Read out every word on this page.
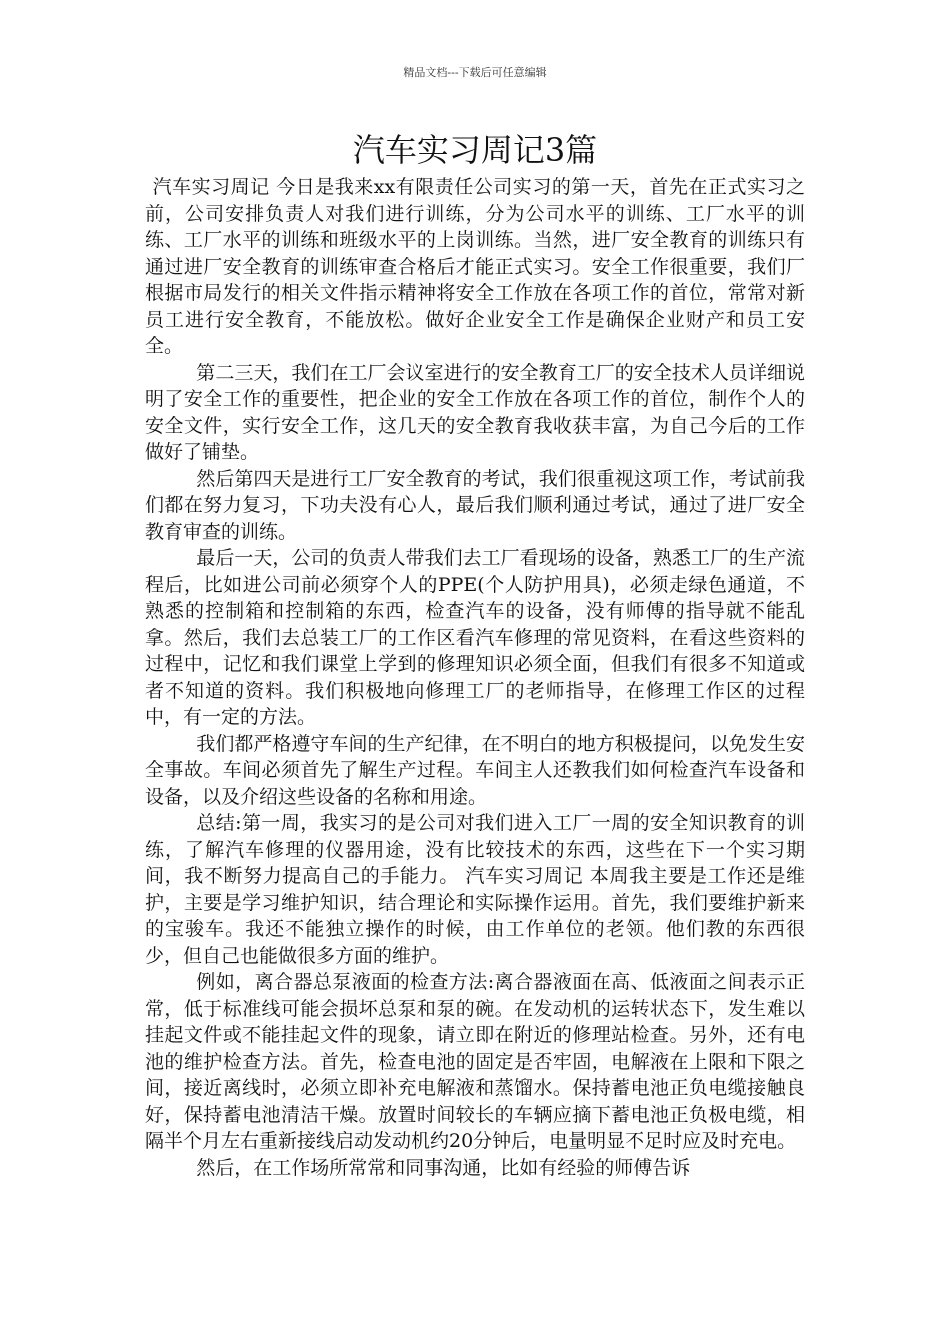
精品文档---下载后可任意编辑
汽车实习周记3篇

汽车实习周记 今日是我来xx有限责任公司实习的第一天，首先在正式实习之前，公司安排负责人对我们进行训练，分为公司水平的训练、工厂水平的训练、工厂水平的训练和班级水平的上岗训练。当然，进厂安全教育的训练只有通过进厂安全教育的训练审查合格后才能正式实习。安全工作很重要，我们厂根据市局发行的相关文件指示精神将安全工作放在各项工作的首位，常常对新员工进行安全教育，不能放松。做好企业安全工作是确保企业财产和员工安全。

第二三天，我们在工厂会议室进行的安全教育工厂的安全技术人员详细说明了安全工作的重要性，把企业的安全工作放在各项工作的首位，制作个人的安全文件，实行安全工作，这几天的安全教育我收获丰富，为自己今后的工作做好了铺垫。

然后第四天是进行工厂安全教育的考试，我们很重视这项工作，考试前我们都在努力复习，下功夫没有心人，最后我们顺利通过考试，通过了进厂安全教育审查的训练。

最后一天，公司的负责人带我们去工厂看现场的设备，熟悉工厂的生产流程后，比如进公司前必须穿个人的PPE(个人防护用具)，必须走绿色通道，不熟悉的控制箱和控制箱的东西，检查汽车的设备，没有师傅的指导就不能乱拿。然后，我们去总装工厂的工作区看汽车修理的常见资料，在看这些资料的过程中，记忆和我们课堂上学到的修理知识必须全面，但我们有很多不知道或者不知道的资料。我们积极地向修理工厂的老师指导，在修理工作区的过程中，有一定的方法。

我们都严格遵守车间的生产纪律，在不明白的地方积极提问，以免发生安全事故。车间必须首先了解生产过程。车间主人还教我们如何检查汽车设备和设备，以及介绍这些设备的名称和用途。

总结:第一周，我实习的是公司对我们进入工厂一周的安全知识教育的训练，了解汽车修理的仪器用途，没有比较技术的东西，这些在下一个实习期间，我不断努力提高自己的手能力。 汽车实习周记 本周我主要是工作还是维护，主要是学习维护知识，结合理论和实际操作运用。首先，我们要维护新来的宝骏车。我还不能独立操作的时候，由工作单位的老领。他们教的东西很少，但自己也能做很多方面的维护。

例如，离合器总泵液面的检查方法:离合器液面在高、低液面之间表示正常，低于标准线可能会损坏总泵和泵的碗。在发动机的运转状态下，发生难以挂起文件或不能挂起文件的现象，请立即在附近的修理站检查。另外，还有电池的维护检查方法。首先，检查电池的固定是否牢固，电解液在上限和下限之间，接近离线时，必须立即补充电解液和蒸馏水。保持蓄电池正负电缆接触良好，保持蓄电池清洁干燥。放置时间较长的车辆应摘下蓄电池正负极电缆，相隔半个月左右重新接线启动发动机约20分钟后，电量明显不足时应及时充电。

然后，在工作场所常常和同事沟通，比如有经验的师傅告诉
